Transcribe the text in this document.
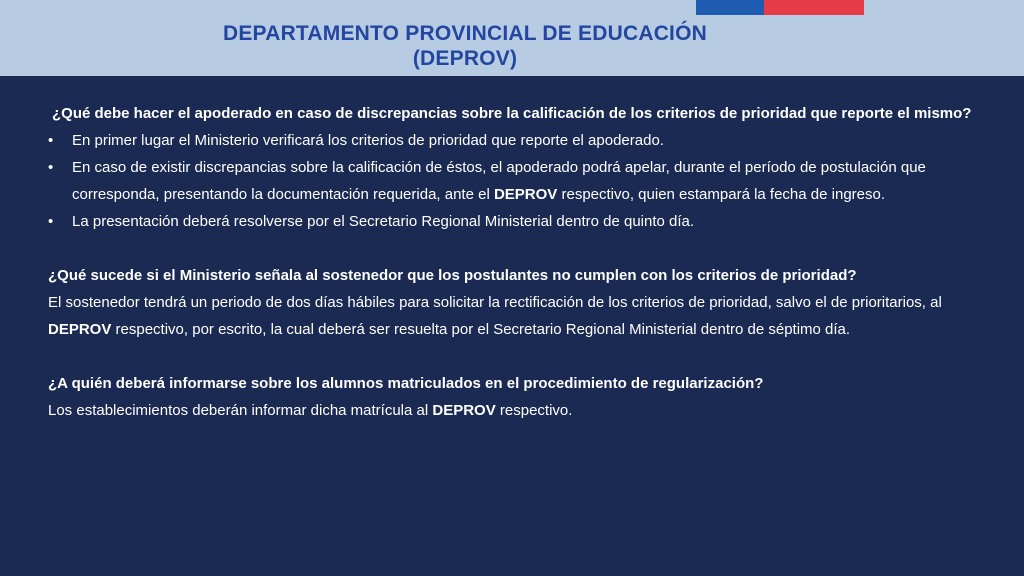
DEPARTAMENTO PROVINCIAL DE EDUCACIÓN
(DEPROV)
¿Qué debe hacer el apoderado en caso de discrepancias sobre la calificación de los criterios de prioridad que reporte el mismo?
• En primer lugar el Ministerio verificará los criterios de prioridad que reporte el apoderado.
• En caso de existir discrepancias sobre la calificación de éstos, el apoderado podrá apelar, durante el período de postulación que corresponda, presentando la documentación requerida, ante el DEPROV respectivo, quien estampará la fecha de ingreso.
• La presentación deberá resolverse por el Secretario Regional Ministerial dentro de quinto día.
¿Qué sucede si el Ministerio señala al sostenedor que los postulantes no cumplen con los criterios de prioridad?
El sostenedor tendrá un periodo de dos días hábiles para solicitar la rectificación de los criterios de prioridad, salvo el de prioritarios, al DEPROV respectivo, por escrito, la cual deberá ser resuelta por el Secretario Regional Ministerial dentro de séptimo día.
¿A quién deberá informarse sobre los alumnos matriculados en el procedimiento de regularización?
Los establecimientos deberán informar dicha matrícula al DEPROV respectivo.
